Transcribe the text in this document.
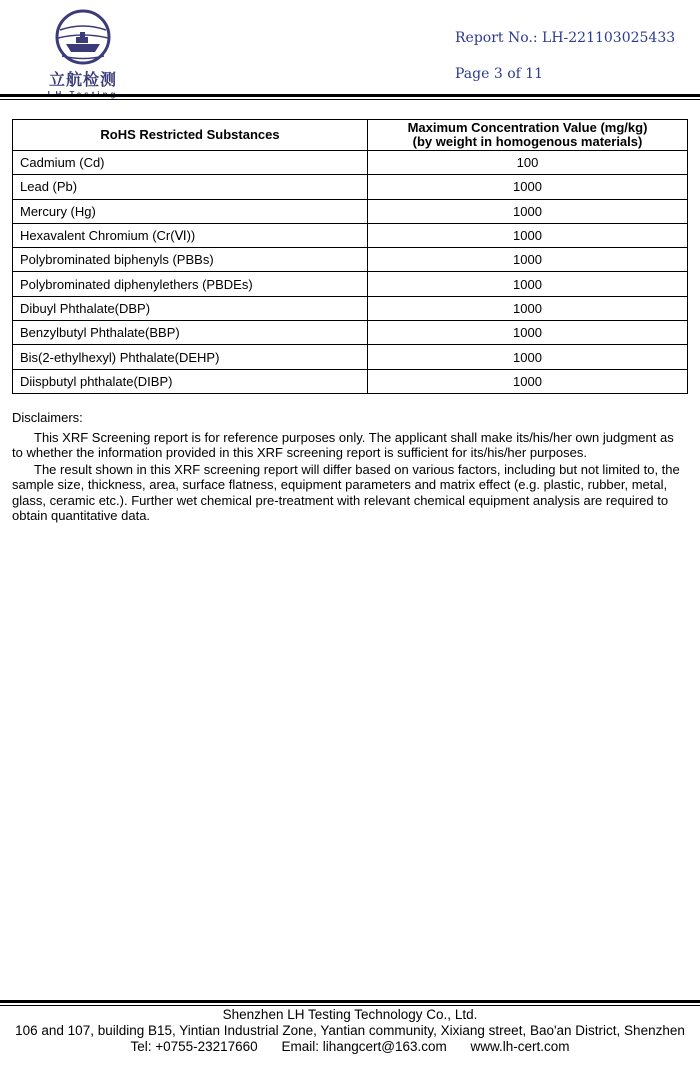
立航检测
Report No.: LH-221103025433
Page 3 of 11
RoHS Restricted Substances	Maximum Concentration Value (mg/kg)
(by weight in homogenous materials)

Cadmium (Cd)	100
Lead (Pb)	1000
Mercury (Hg)	1000
Hexavalent Chromium (Cr(Ⅵ))	1000
Polybrominated biphenyls (PBBs)	1000
Polybrominated diphenylethers (PBDEs)	1000
Dibuyl Phthalate(DBP)	1000
Benzylbutyl Phthalate(BBP)	1000
Bis(2-ethylhexyl) Phthalate(DEHP)	1000
Diispbutyl phthalate(DIBP)	1000

Disclaimers:

This XRF Screening report is for reference purposes only. The applicant shall make its/his/her own judgment as to whether the information provided in this XRF screening report is sufficient for its/his/her purposes.

The result shown in this XRF screening report will differ based on various factors, including but not limited to, the sample size, thickness, area, surface flatness, equipment parameters and matrix effect (e.g. plastic, rubber, metal, glass, ceramic etc.). Further wet chemical pre-treatment with relevant chemical equipment analysis are required to obtain quantitative data.

Shenzhen LH Testing Technology Co., Ltd.
106 and 107, building B15, Yintian Industrial Zone, Yantian community, Xixiang street, Bao'an District, Shenzhen
Tel: +0755-23217660 Email: lihangcert@163.com www.lh-cert.com
